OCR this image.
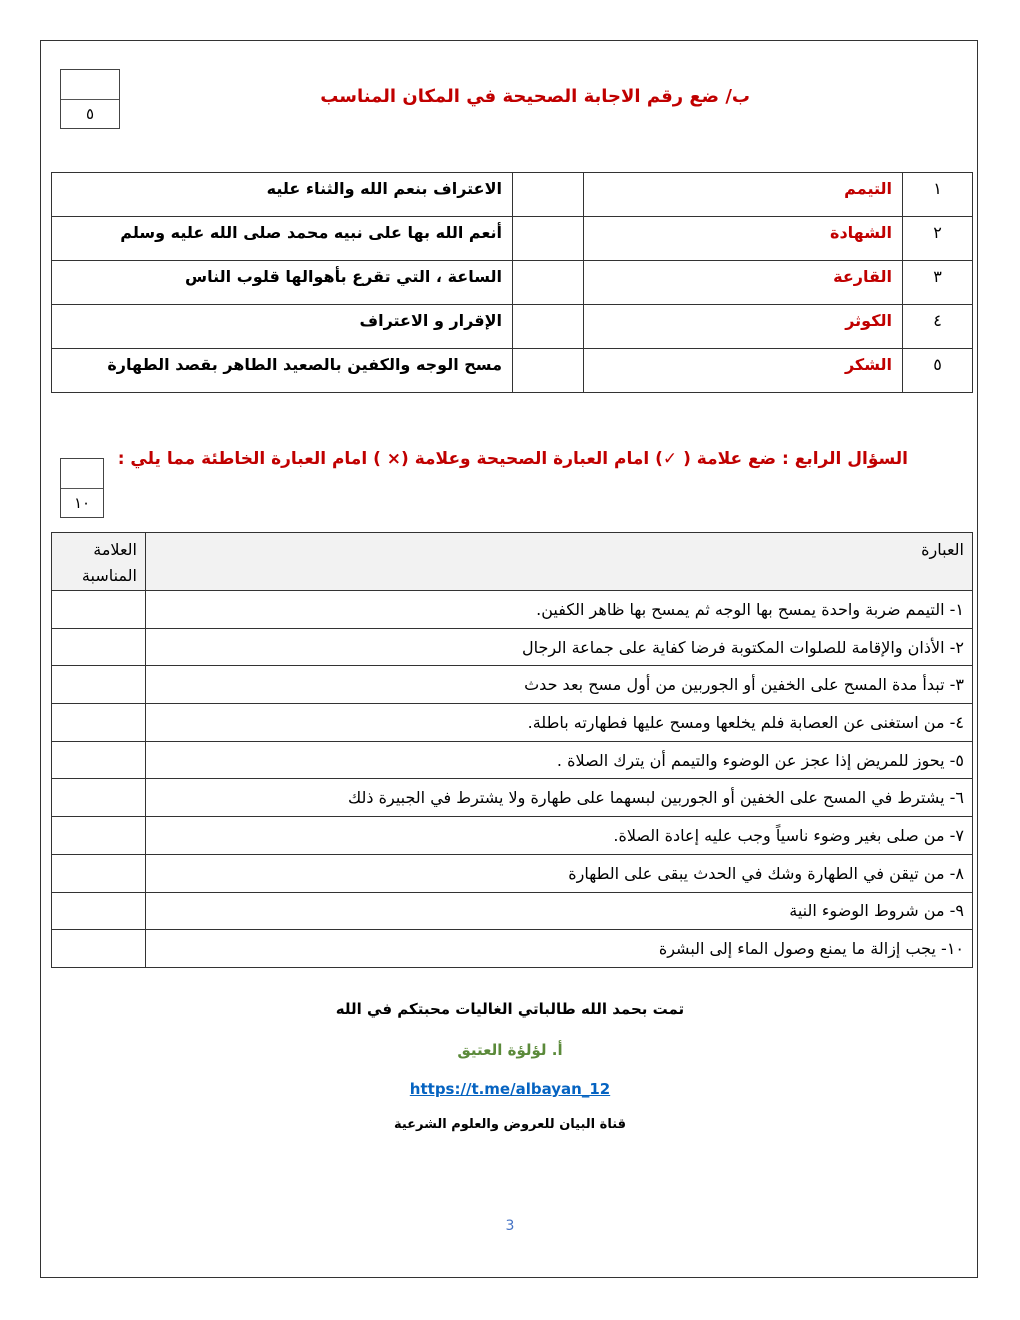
٥
ب/ ضع رقم الاجابة الصحيحة في المكان المناسب
١	التيمم		الاعتراف بنعم الله والثناء عليه
٢	الشهادة		أنعم الله بها على نبيه محمد صلى الله عليه وسلم
٣	القارعة		الساعة ، التي تقرع بأهوالها قلوب الناس
٤	الكوثر		الإقرار و الاعتراف
٥	الشكر		مسح الوجه والكفين بالصعيد الطاهر بقصد الطهارة
السؤال الرابع : ضع علامة ( ✓) امام العبارة الصحيحة وعلامة (× ) امام العبارة الخاطئة مما يلي :
١٠
العبارة	العلامة
المناسبة

١- التيمم ضربة واحدة يمسح بها الوجه ثم يمسح بها ظاهر الكفين.	
٢- الأذان والإقامة للصلوات المكتوبة فرضا كفاية على جماعة الرجال	
٣- تبدأ مدة المسح على الخفين أو الجوربين من أول مسح بعد حدث	
٤- من استغنى عن العصابة فلم يخلعها ومسح عليها فطهارته باطلة.	
٥- يحوز للمريض إذا عجز عن الوضوء والتيمم أن يترك الصلاة .	
٦- يشترط في المسح على الخفين أو الجوربين لبسهما على طهارة ولا يشترط في الجبيرة ذلك	
٧- من صلى بغير وضوء ناسياً وجب عليه إعادة الصلاة.	
٨- من تيقن في الطهارة وشك في الحدث يبقى على الطهارة	
٩- من شروط الوضوء النية	
١٠- يجب إزالة ما يمنع وصول الماء إلى البشرة	
تمت بحمد الله طالباتي الغاليات محبتكم في الله
أ. لؤلؤة العتيق
https://t.me/albayan_12
قناة البيان للعروض والعلوم الشرعية
3
